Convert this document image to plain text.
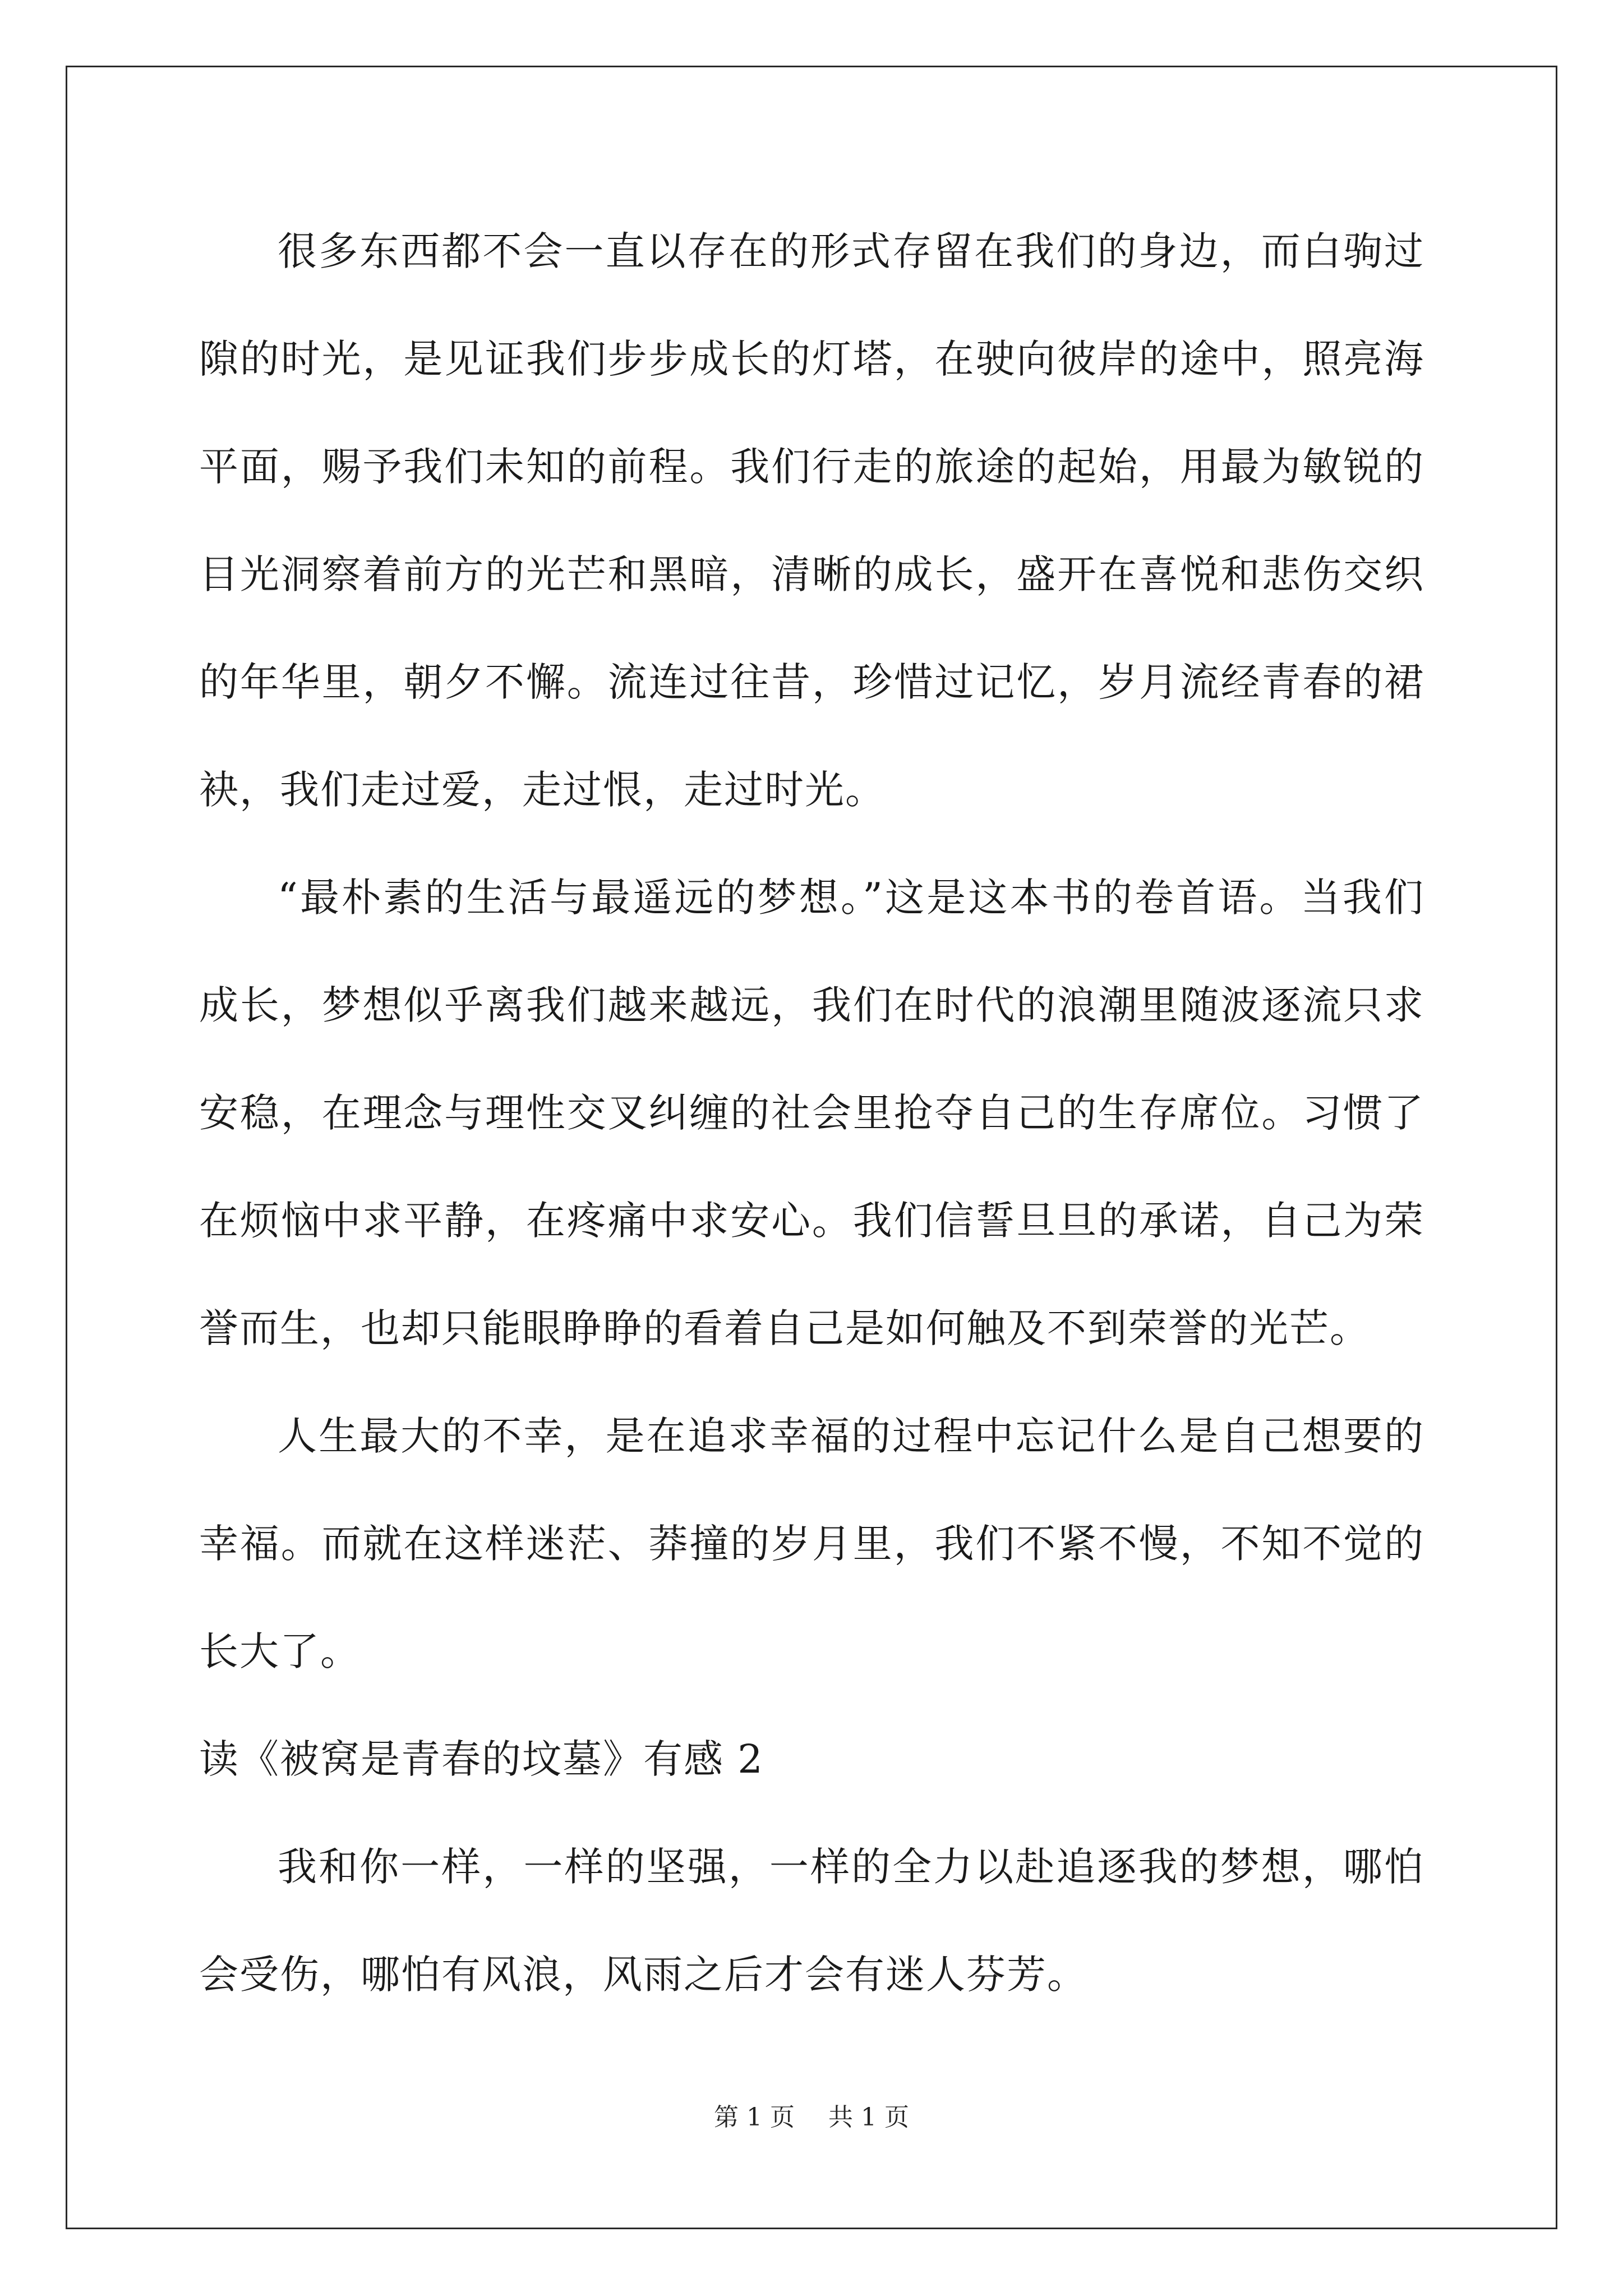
很多东西都不会一直以存在的形式存留在我们的身边，而白驹过隙的时光，是见证我们步步成长的灯塔，在驶向彼岸的途中，照亮海平面，赐予我们未知的前程。我们行走的旅途的起始，用最为敏锐的目光洞察着前方的光芒和黑暗，清晰的成长，盛开在喜悦和悲伤交织的年华里，朝夕不懈。流连过往昔，珍惜过记忆，岁月流经青春的裙袂，我们走过爱，走过恨，走过时光。

“最朴素的生活与最遥远的梦想。”这是这本书的卷首语。当我们成长，梦想似乎离我们越来越远，我们在时代的浪潮里随波逐流只求安稳，在理念与理性交叉纠缠的社会里抢夺自己的生存席位。习惯了在烦恼中求平静，在疼痛中求安心。我们信誓旦旦的承诺，自己为荣誉而生，也却只能眼睁睁的看着自己是如何触及不到荣誉的光芒。

人生最大的不幸，是在追求幸福的过程中忘记什么是自己想要的幸福。而就在这样迷茫、莽撞的岁月里，我们不紧不慢，不知不觉的长大了。

读《被窝是青春的坟墓》有感 2

我和你一样，一样的坚强，一样的全力以赴追逐我的梦想，哪怕会受伤，哪怕有风浪，风雨之后才会有迷人芬芳。

第 1 页 共 1 页
